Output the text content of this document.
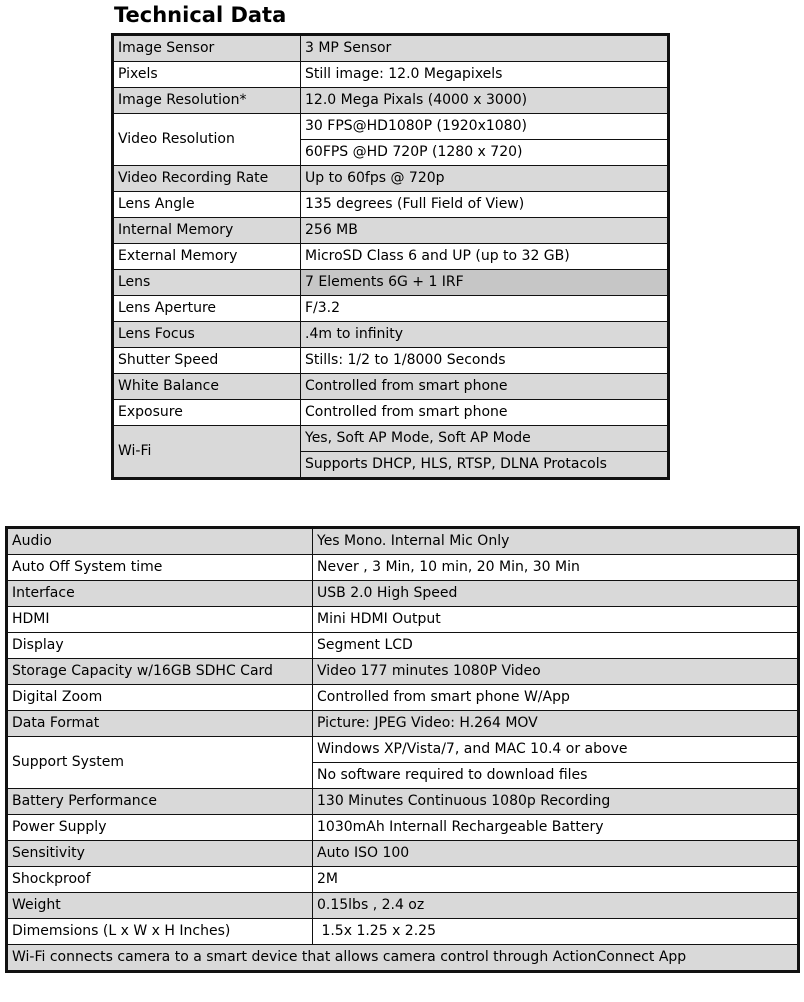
Technical Data
Image Sensor	3 MP Sensor
Pixels	Still image: 12.0 Megapixels
Image Resolution*	12.0 Mega Pixals (4000 x 3000)
Video Resolution	30 FPS@HD1080P (1920x1080)
	60FPS @HD 720P (1280 x 720)
Video Recording Rate	Up to 60fps @ 720p
Lens Angle	135 degrees (Full Field of View)
Internal Memory	256 MB
External Memory	MicroSD Class 6 and UP (up to 32 GB)
Lens	7 Elements 6G + 1 IRF
Lens Aperture	F/3.2
Lens Focus	.4m to infinity
Shutter Speed	Stills: 1/2 to 1/8000 Seconds
White Balance	Controlled from smart phone
Exposure	Controlled from smart phone
Wi-Fi	Yes, Soft AP Mode, Soft AP Mode
	Supports DHCP, HLS, RTSP, DLNA Protacols
Audio	Yes Mono. Internal Mic Only
Auto Off System time	Never , 3 Min, 10 min, 20 Min, 30 Min
Interface	USB 2.0 High Speed
HDMI	Mini HDMI Output
Display	Segment LCD
Storage Capacity w/16GB SDHC Card	Video 177 minutes 1080P Video
Digital Zoom	Controlled from smart phone W/App
Data Format	Picture: JPEG Video: H.264 MOV
Support System	Windows XP/Vista/7, and MAC 10.4 or above
	No software required to download files
Battery Performance	130 Minutes Continuous 1080p Recording
Power Supply	1030mAh Internall Rechargeable Battery
Sensitivity	Auto ISO 100
Shockproof	2M
Weight	0.15lbs , 2.4 oz
Dimemsions (L x W x H Inches)	1.5x 1.25 x 2.25
Wi-Fi connects camera to a smart device that allows camera control through ActionConnect App	
